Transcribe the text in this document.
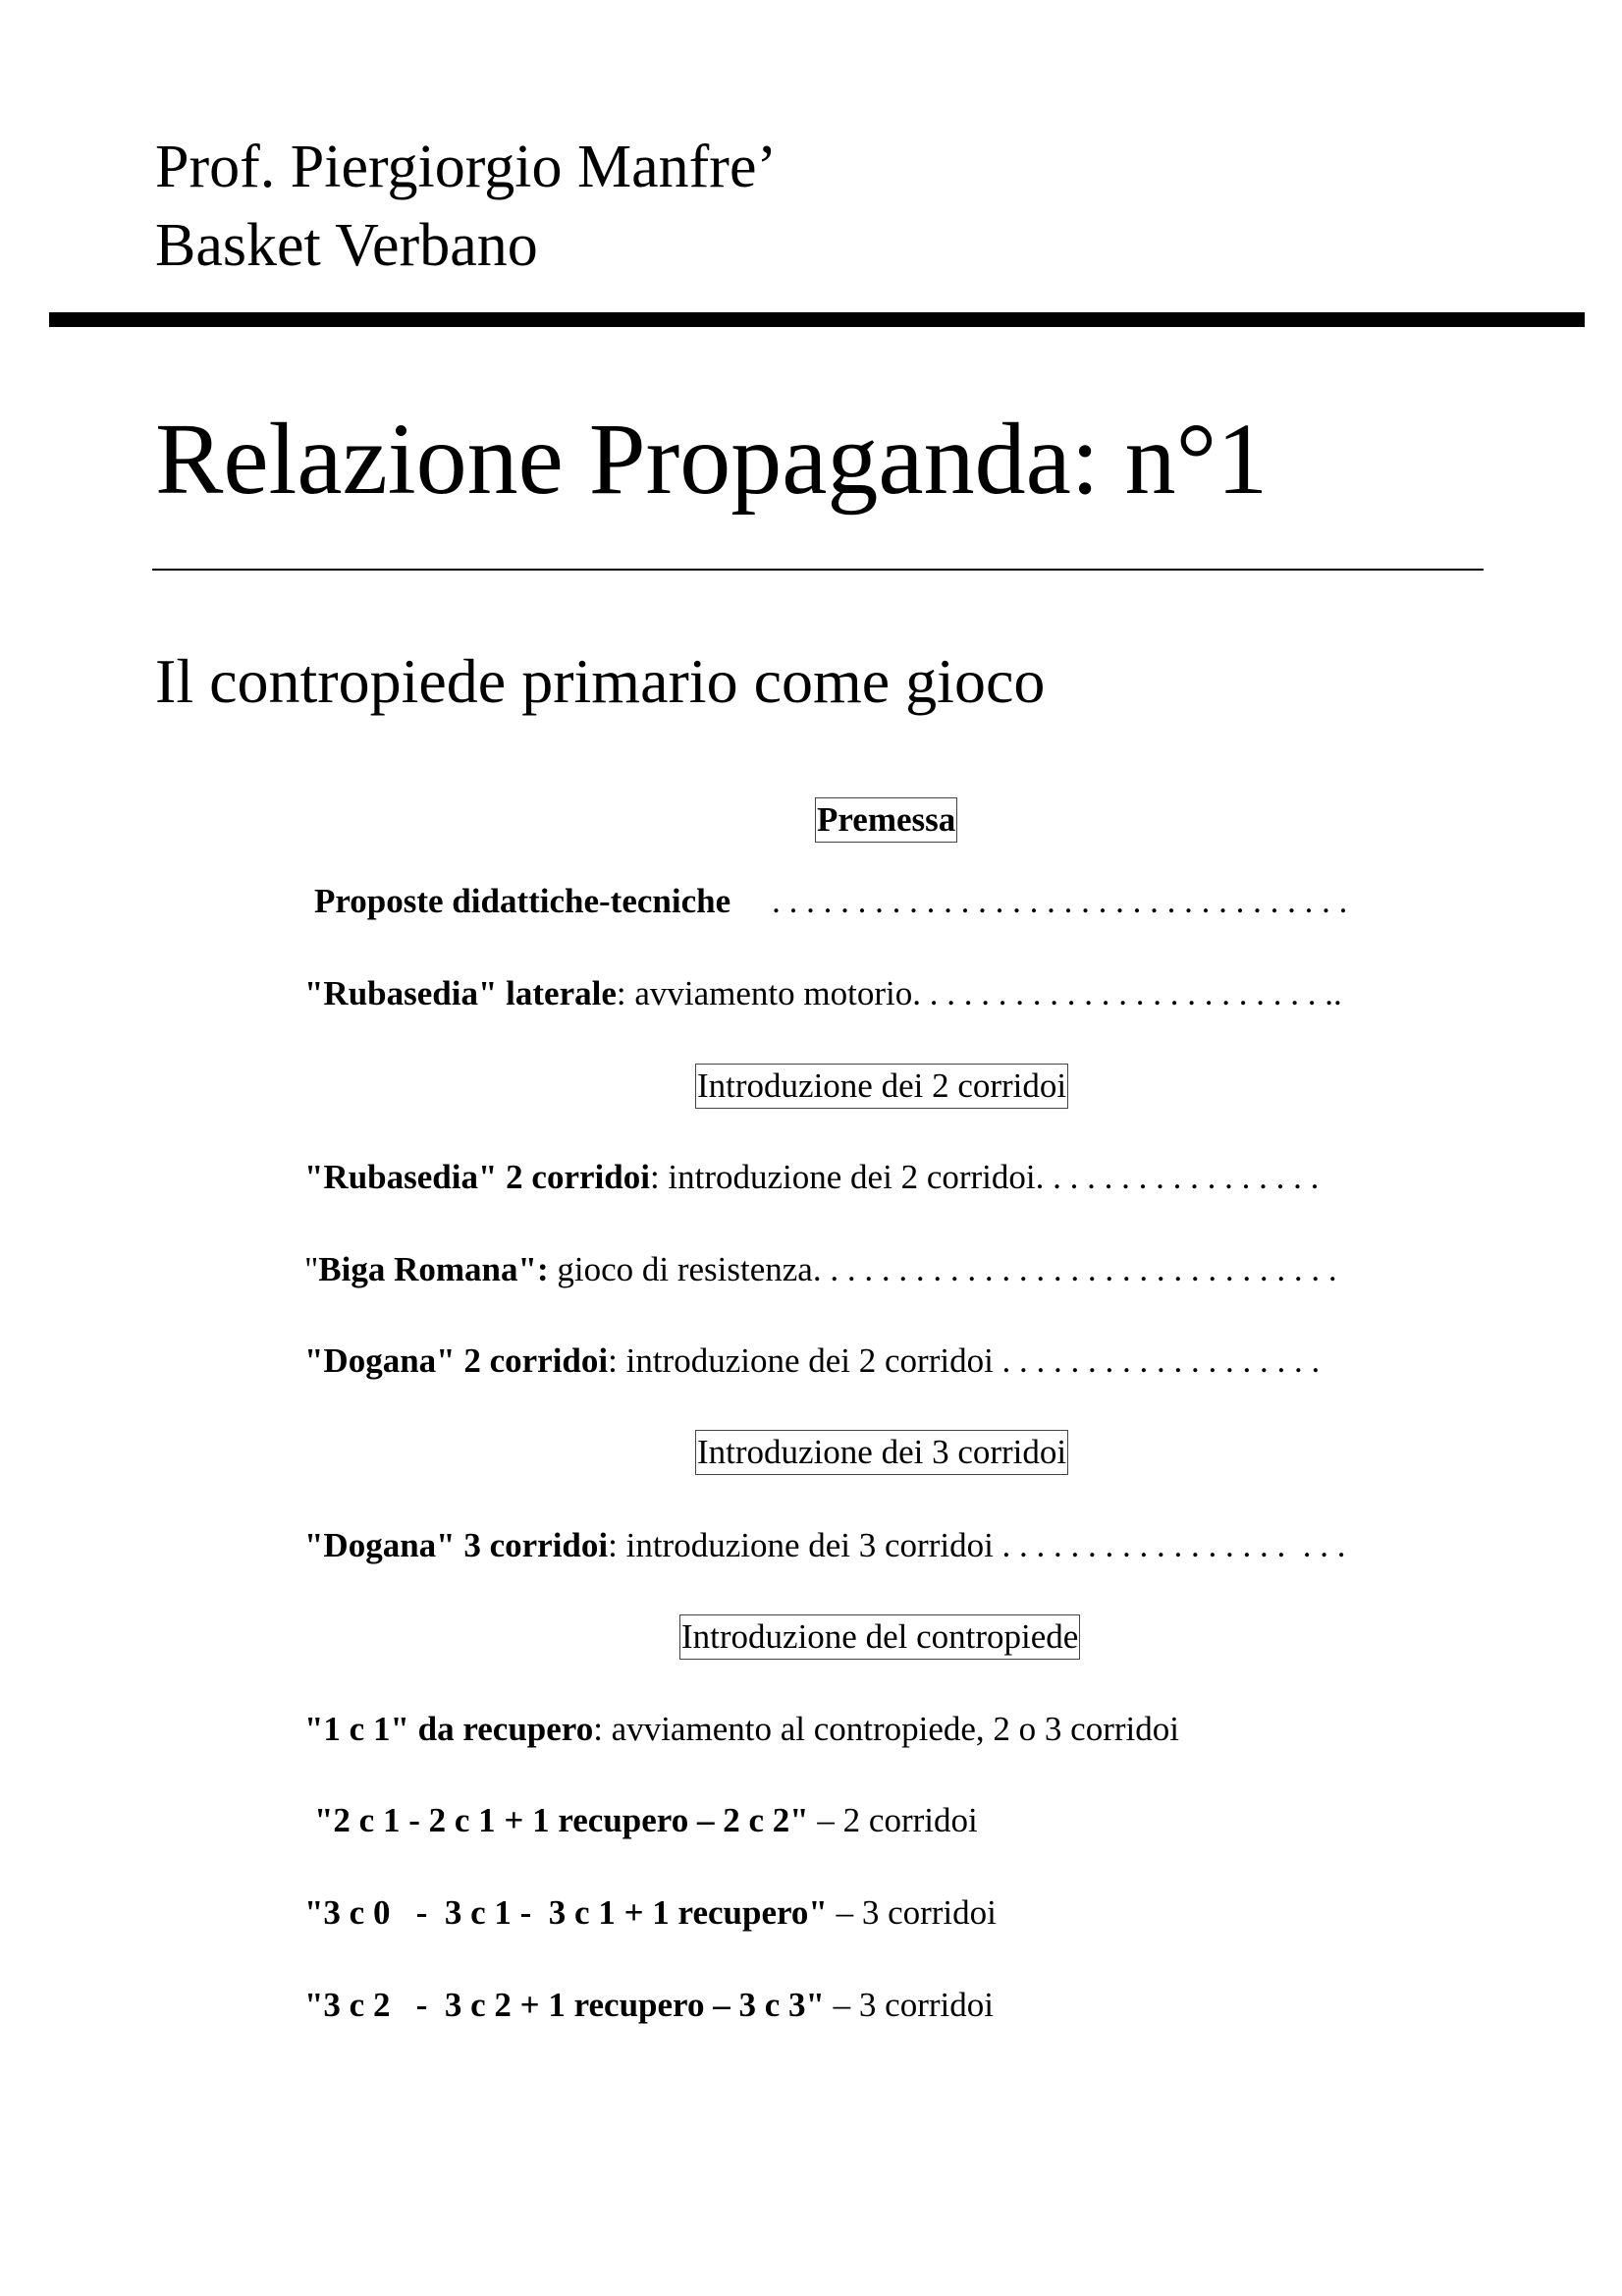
Prof. Piergiorgio Manfre’
Basket Verbano
Relazione Propaganda: n°1
Il contropiede primario come gioco
Premessa
Proposte didattiche-tecniche . . . . . . . . . . . . . . . . . . . . . . . . . . . . . . . . . .
"Rubasedia" laterale: avviamento motorio. . . . . . . . . . . . . . . . . . . . . . . . ..
Introduzione dei 2 corridoi
"Rubasedia" 2 corridoi: introduzione dei 2 corridoi. . . . . . . . . . . . . . . . .
"Biga Romana": gioco di resistenza. . . . . . . . . . . . . . . . . . . . . . . . . . . . . . .
"Dogana" 2 corridoi: introduzione dei 2 corridoi . . . . . . . . . . . . . . . . . . .
Introduzione dei 3 corridoi
"Dogana" 3 corridoi: introduzione dei 3 corridoi . . . . . . . . . . . . . . . . .  . . .
Introduzione del contropiede
"1 c 1" da recupero: avviamento al contropiede, 2 o 3 corridoi
"2 c 1 - 2 c 1 + 1 recupero – 2 c 2" – 2 corridoi
"3 c 0   -  3 c 1 -  3 c 1 + 1 recupero" – 3 corridoi
"3 c 2   -  3 c 2 + 1 recupero – 3 c 3" – 3 corridoi
